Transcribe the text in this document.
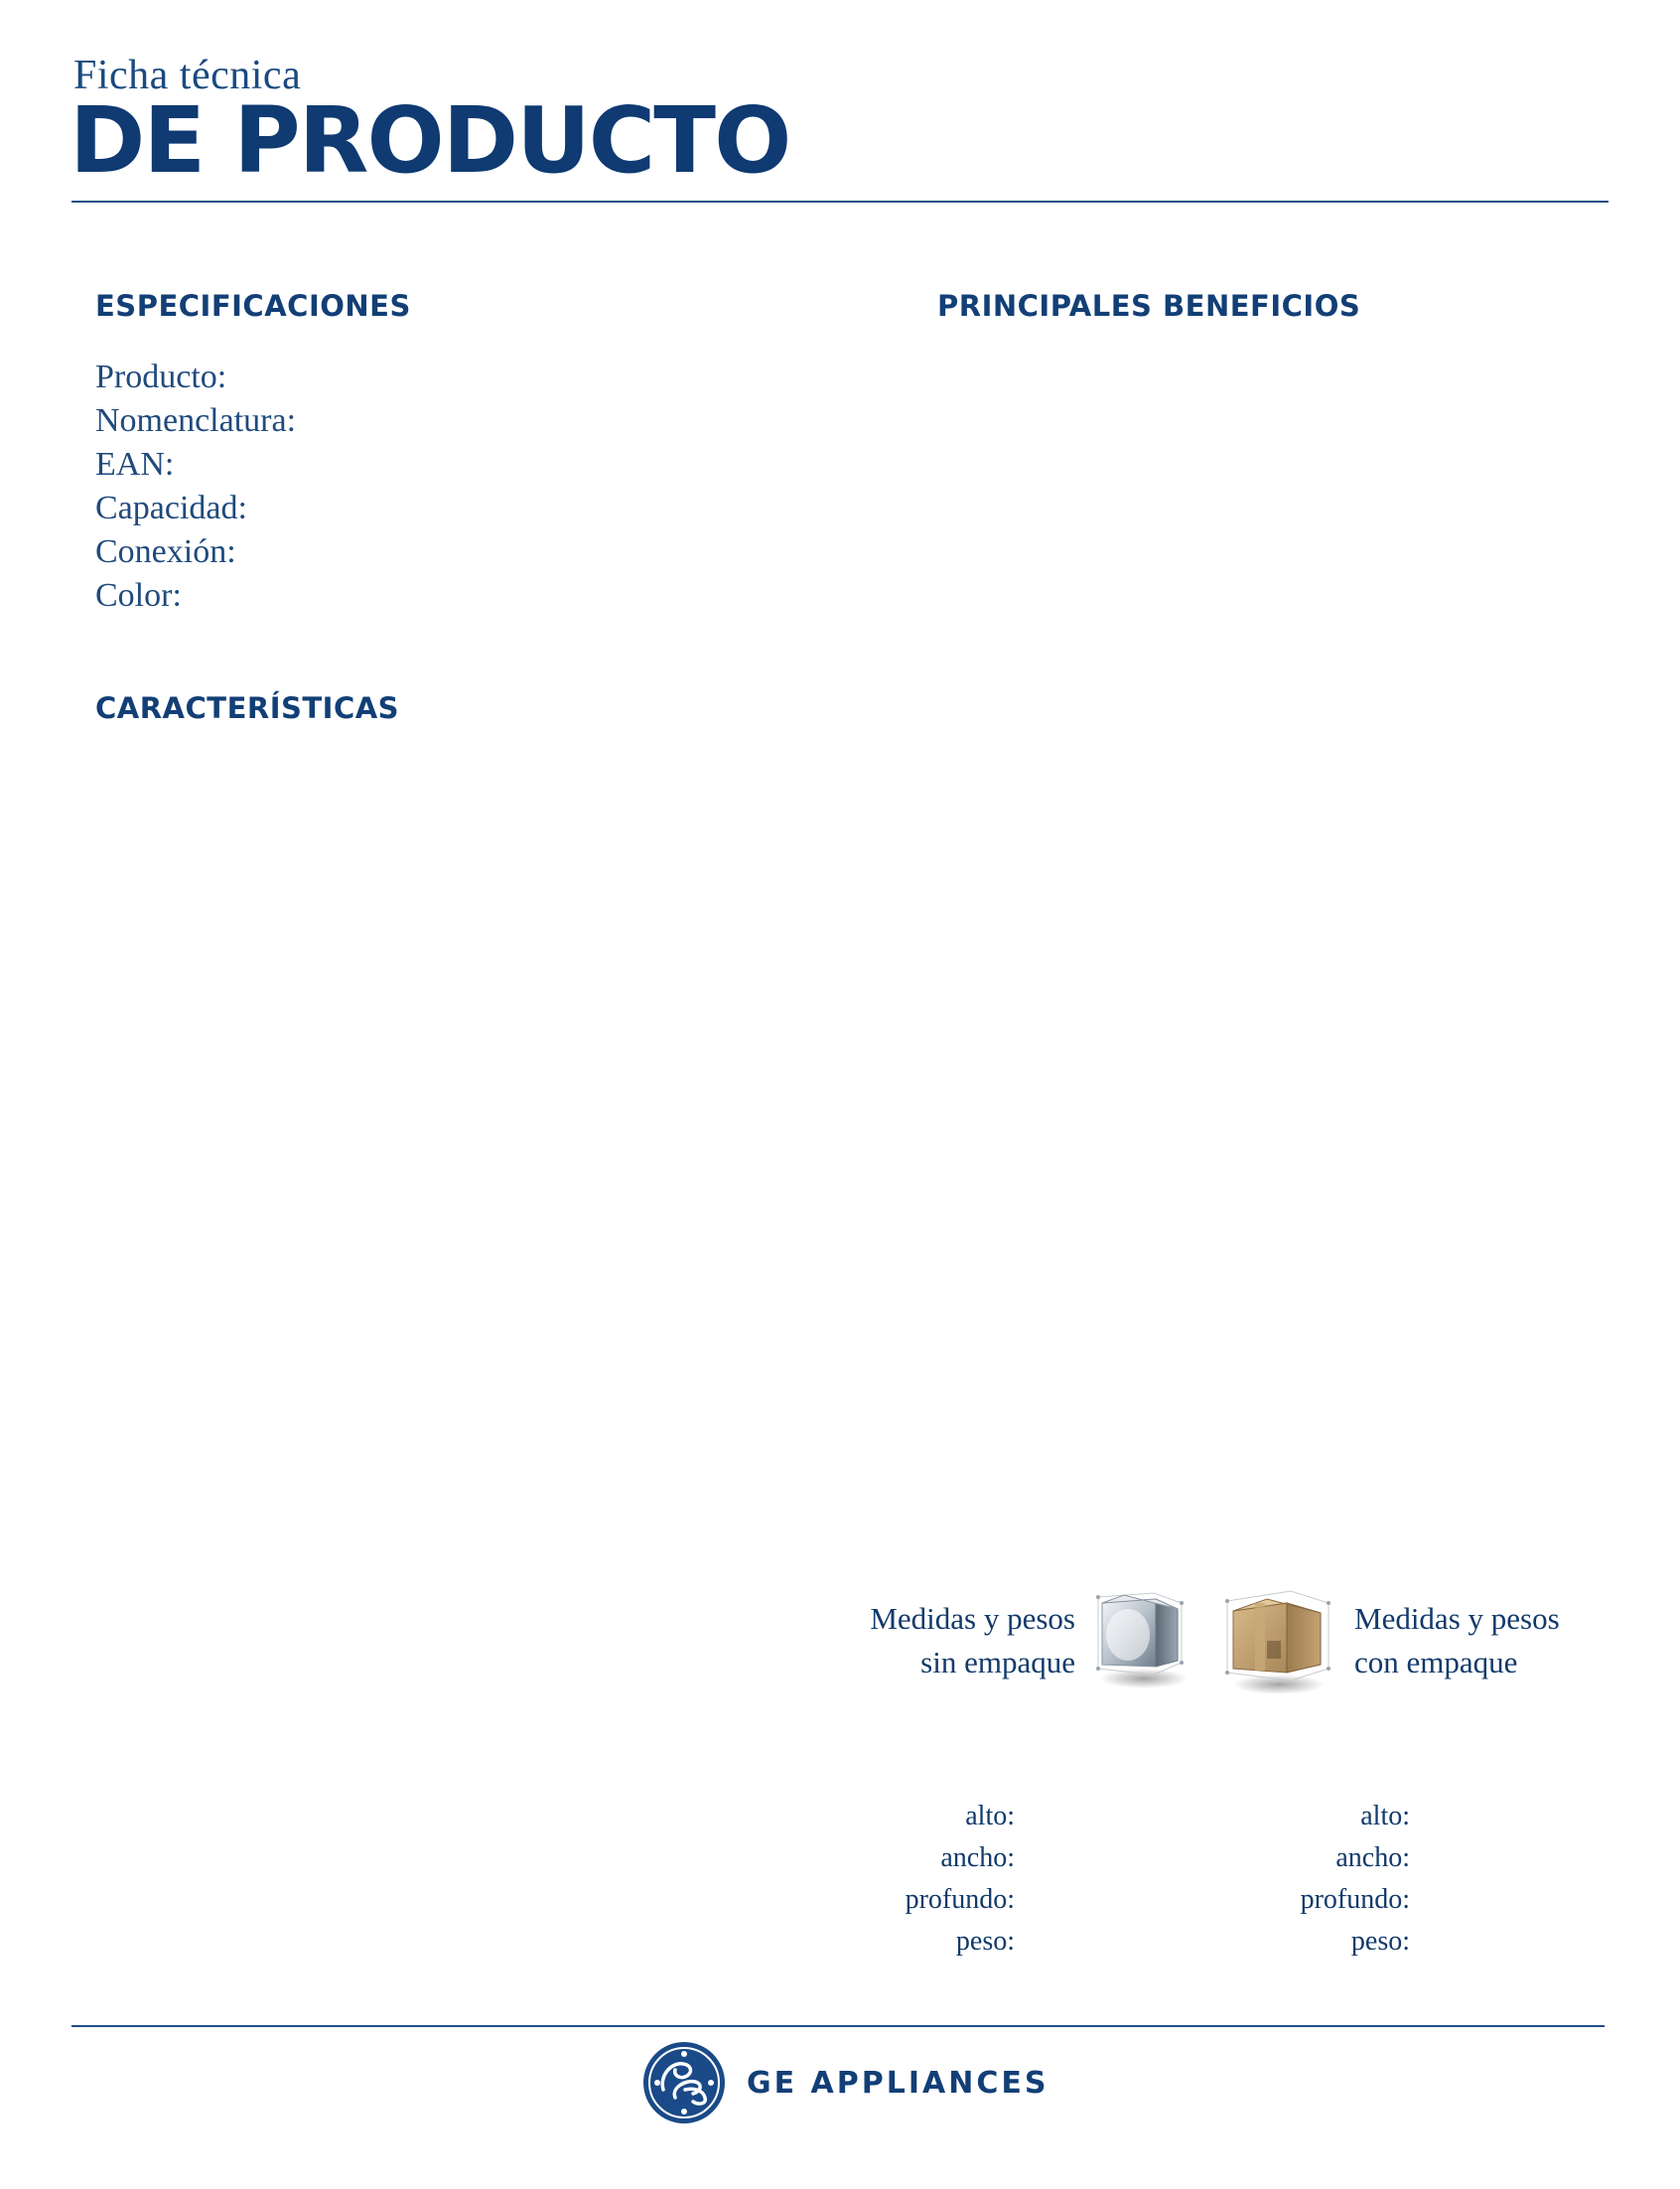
Ficha técnica
DE PRODUCTO
ESPECIFICACIONES
Producto:
Nomenclatura:
EAN:
Capacidad:
Conexión:
Color:
CARACTERÍSTICAS
PRINCIPALES BENEFICIOS
Medidas y pesos
sin empaque
Medidas y pesos
con empaque
alto:
ancho:
profundo:
peso:
alto:
ancho:
profundo:
peso:
GE APPLIANCES
